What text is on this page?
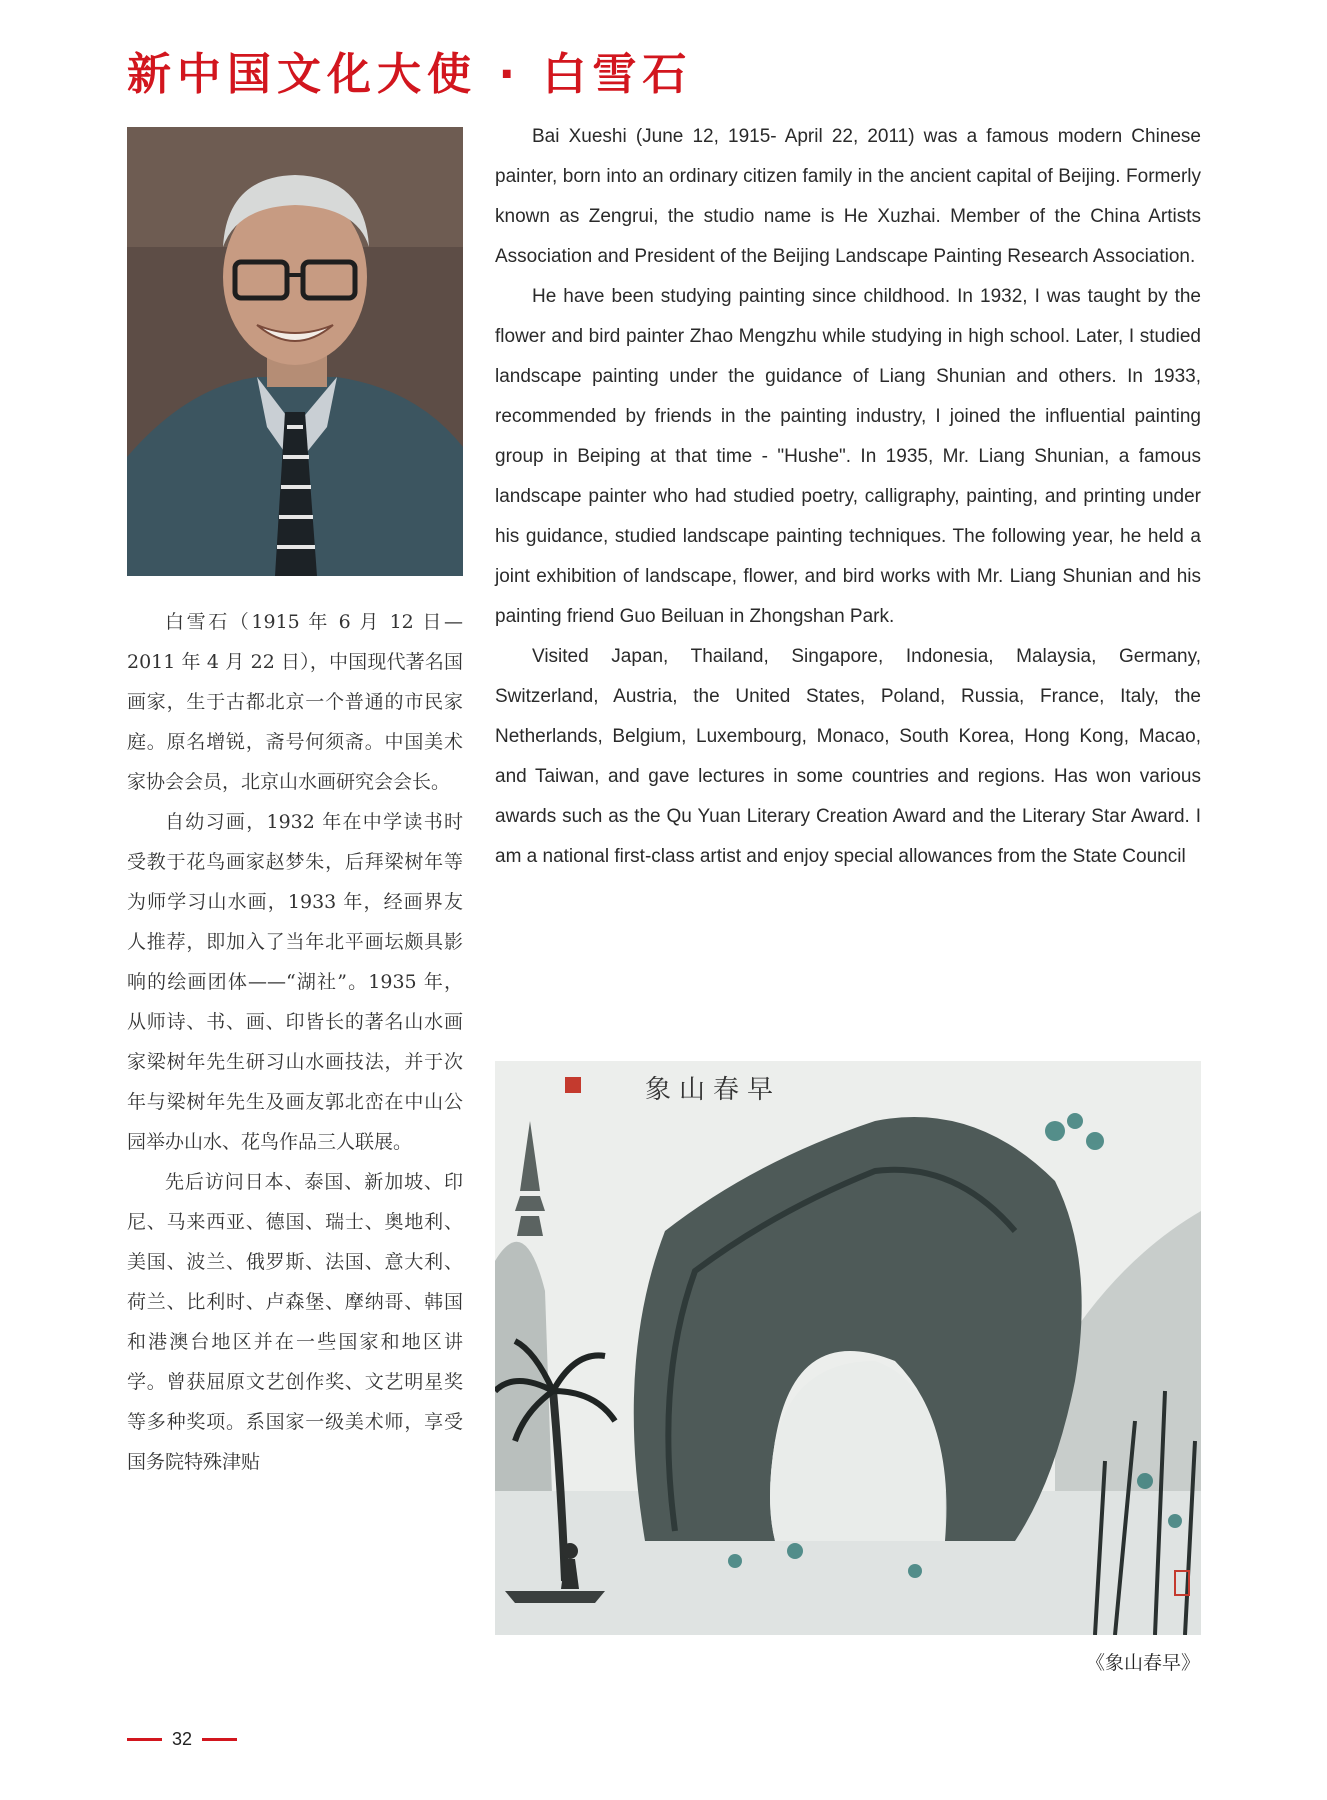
新中国文化大使 · 白雪石

白雪石（1915 年 6 月 12 日— 2011 年 4 月 22 日），中国现代著名国画家，生于古都北京一个普通的市民家庭。原名增锐，斋号何须斋。中国美术家协会会员，北京山水画研究会会长。

自幼习画，1932 年在中学读书时受教于花鸟画家赵梦朱，后拜梁树年等为师学习山水画，1933 年，经画界友人推荐，即加入了当年北平画坛颇具影响的绘画团体——“湖社”。1935 年，从师诗、书、画、印皆长的著名山水画家梁树年先生研习山水画技法，并于次年与梁树年先生及画友郭北峦在中山公园举办山水、花鸟作品三人联展。

先后访问日本、泰国、新加坡、印尼、马来西亚、德国、瑞士、奥地利、美国、波兰、俄罗斯、法国、意大利、荷兰、比利时、卢森堡、摩纳哥、韩国和港澳台地区并在一些国家和地区讲学。曾获屈原文艺创作奖、文艺明星奖等多种奖项。系国家一级美术师，享受国务院特殊津贴

Bai Xueshi (June 12, 1915- April 22, 2011) was a famous modern Chinese painter, born into an ordinary citizen family in the ancient capital of Beijing. Formerly known as Zengrui, the studio name is He Xuzhai. Member of the China Artists Association and President of the Beijing Landscape Painting Research Association.

He have been studying painting since childhood. In 1932, I was taught by the flower and bird painter Zhao Mengzhu while studying in high school. Later, I studied landscape painting under the guidance of Liang Shunian and others. In 1933, recommended by friends in the painting industry, I joined the influential painting group in Beiping at that time - "Hushe". In 1935, Mr. Liang Shunian, a famous landscape painter who had studied poetry, calligraphy, painting, and printing under his guidance, studied landscape painting techniques. The following year, he held a joint exhibition of landscape, flower, and bird works with Mr. Liang Shunian and his painting friend Guo Beiluan in Zhongshan Park.

Visited Japan, Thailand, Singapore, Indonesia, Malaysia, Germany, Switzerland, Austria, the United States, Poland, Russia, France, Italy, the Netherlands, Belgium, Luxembourg, Monaco, South Korea, Hong Kong, Macao, and Taiwan, and gave lectures in some countries and regions. Has won various awards such as the Qu Yuan Literary Creation Award and the Literary Star Award. I am a national first-class artist and enjoy special allowances from the State Council

象山春早
《象山春早》
32
